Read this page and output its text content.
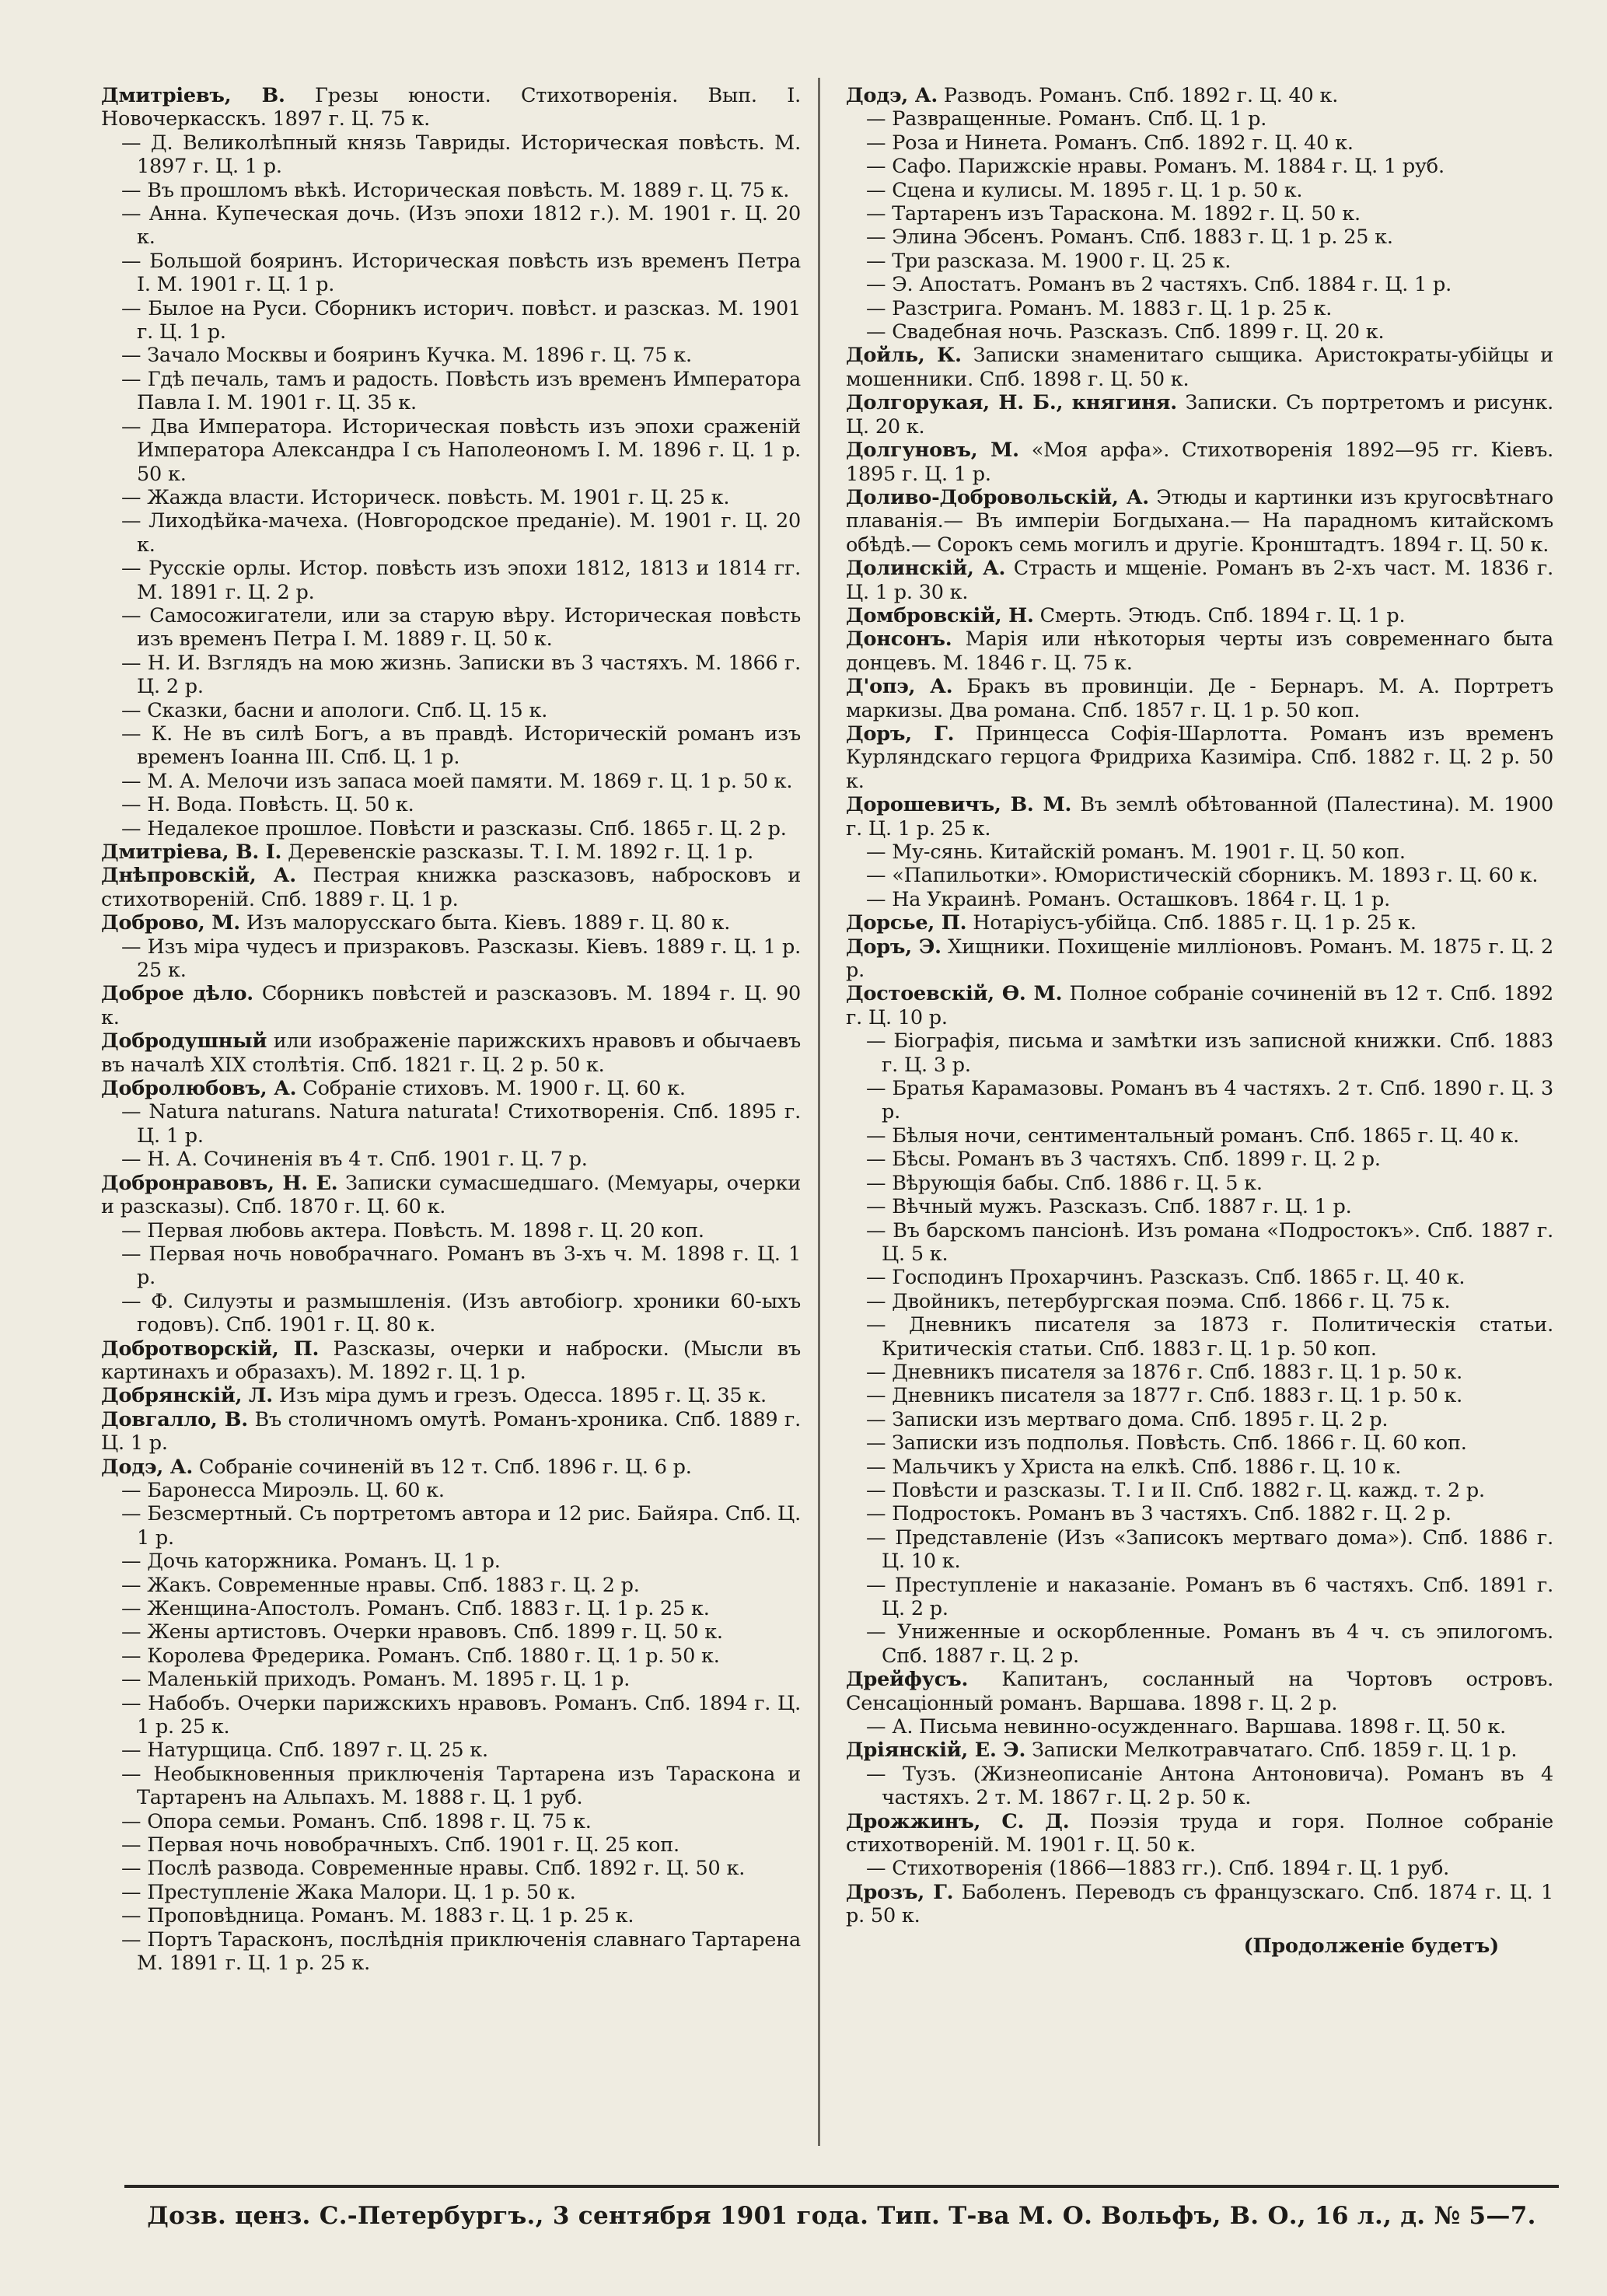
Дмитріевъ, В. Грезы юности. Стихотворенія. Вып. I. Новочеркасскъ. 1897 г. Ц. 75 к.

— Д. Великолѣпный князь Тавриды. Историческая повѣсть. М. 1897 г. Ц. 1 р.

— Въ прошломъ вѣкѣ. Историческая повѣсть. М. 1889 г. Ц. 75 к.

— Анна. Купеческая дочь. (Изъ эпохи 1812 г.). М. 1901 г. Ц. 20 к.

— Большой бояринъ. Историческая повѣсть изъ временъ Петра I. М. 1901 г. Ц. 1 р.

— Былое на Руси. Сборникъ историч. повѣст. и разсказ. М. 1901 г. Ц. 1 р.

— Зачало Москвы и бояринъ Кучка. М. 1896 г. Ц. 75 к.

— Гдѣ печаль, тамъ и радость. Повѣсть изъ временъ Императора Павла I. М. 1901 г. Ц. 35 к.

— Два Императора. Историческая повѣсть изъ эпохи сраженій Императора Александра I съ Наполеономъ I. М. 1896 г. Ц. 1 р. 50 к.

— Жажда власти. Историческ. повѣсть. М. 1901 г. Ц. 25 к.

— Лиходѣйка-мачеха. (Новгородское преданіе). М. 1901 г. Ц. 20 к.

— Русскіе орлы. Истор. повѣсть изъ эпохи 1812, 1813 и 1814 гг. М. 1891 г. Ц. 2 р.

— Самосожигатели, или за старую вѣру. Историческая повѣсть изъ временъ Петра I. М. 1889 г. Ц. 50 к.

— Н. И. Взглядъ на мою жизнь. Записки въ 3 частяхъ. М. 1866 г. Ц. 2 р.

— Сказки, басни и апологи. Спб. Ц. 15 к.

— К. Не въ силѣ Богъ, а въ правдѣ. Историческій романъ изъ временъ Іоанна III. Спб. Ц. 1 р.

— М. А. Мелочи изъ запаса моей памяти. М. 1869 г. Ц. 1 р. 50 к.

— Н. Вода. Повѣсть. Ц. 50 к.

— Недалекое прошлое. Повѣсти и разсказы. Спб. 1865 г. Ц. 2 р.

Дмитріева, В. I. Деревенскіе разсказы. Т. I. М. 1892 г. Ц. 1 р.

Днѣпровскій, А. Пестрая книжка разсказовъ, набросковъ и стихотвореній. Спб. 1889 г. Ц. 1 р.

Доброво, М. Изъ малорусскаго быта. Кіевъ. 1889 г. Ц. 80 к.

— Изъ міра чудесъ и призраковъ. Разсказы. Кіевъ. 1889 г. Ц. 1 р. 25 к.

Доброе дѣло. Сборникъ повѣстей и разсказовъ. М. 1894 г. Ц. 90 к.

Добродушный или изображеніе парижскихъ нравовъ и обычаевъ въ началѣ XIX столѣтія. Спб. 1821 г. Ц. 2 р. 50 к.

Добролюбовъ, А. Собраніе стиховъ. М. 1900 г. Ц. 60 к.

— Natura naturans. Natura naturata! Стихотворенія. Спб. 1895 г. Ц. 1 р.

— Н. А. Сочиненія въ 4 т. Спб. 1901 г. Ц. 7 р.

Добронравовъ, Н. Е. Записки сумасшедшаго. (Мемуары, очерки и разсказы). Спб. 1870 г. Ц. 60 к.

— Первая любовь актера. Повѣсть. М. 1898 г. Ц. 20 коп.

— Первая ночь новобрачнаго. Романъ въ 3-хъ ч. М. 1898 г. Ц. 1 р.

— Ф. Силуэты и размышленія. (Изъ автобіогр. хроники 60-ыхъ годовъ). Спб. 1901 г. Ц. 80 к.

Добротворскій, П. Разсказы, очерки и наброски. (Мысли въ картинахъ и образахъ). М. 1892 г. Ц. 1 р.

Добрянскій, Л. Изъ міра думъ и грезъ. Одесса. 1895 г. Ц. 35 к.

Довгалло, В. Въ столичномъ омутѣ. Романъ-хроника. Спб. 1889 г. Ц. 1 р.

Додэ, А. Собраніе сочиненій въ 12 т. Спб. 1896 г. Ц. 6 р.

— Баронесса Мироэль. Ц. 60 к.

— Безсмертный. Съ портретомъ автора и 12 рис. Байяра. Спб. Ц. 1 р.

— Дочь каторжника. Романъ. Ц. 1 р.

— Жакъ. Современные нравы. Спб. 1883 г. Ц. 2 р.

— Женщина-Апостолъ. Романъ. Спб. 1883 г. Ц. 1 р. 25 к.

— Жены артистовъ. Очерки нравовъ. Спб. 1899 г. Ц. 50 к.

— Королева Фредерика. Романъ. Спб. 1880 г. Ц. 1 р. 50 к.

— Маленькій приходъ. Романъ. М. 1895 г. Ц. 1 р.

— Набобъ. Очерки парижскихъ нравовъ. Романъ. Спб. 1894 г. Ц. 1 р. 25 к.

— Натурщица. Спб. 1897 г. Ц. 25 к.

— Необыкновенныя приключенія Тартарена изъ Тараскона и Тартаренъ на Альпахъ. М. 1888 г. Ц. 1 руб.

— Опора семьи. Романъ. Спб. 1898 г. Ц. 75 к.

— Первая ночь новобрачныхъ. Спб. 1901 г. Ц. 25 коп.

— Послѣ развода. Современные нравы. Спб. 1892 г. Ц. 50 к.

— Преступленіе Жака Малори. Ц. 1 р. 50 к.

— Проповѣдница. Романъ. М. 1883 г. Ц. 1 р. 25 к.

— Портъ Тарасконъ, послѣднія приключенія славнаго Тартарена М. 1891 г. Ц. 1 р. 25 к.

Додэ, А. Разводъ. Романъ. Спб. 1892 г. Ц. 40 к.

— Развращенные. Романъ. Спб. Ц. 1 р.

— Роза и Нинета. Романъ. Спб. 1892 г. Ц. 40 к.

— Сафо. Парижскіе нравы. Романъ. М. 1884 г. Ц. 1 руб.

— Сцена и кулисы. М. 1895 г. Ц. 1 р. 50 к.

— Тартаренъ изъ Тараскона. М. 1892 г. Ц. 50 к.

— Элина Эбсенъ. Романъ. Спб. 1883 г. Ц. 1 р. 25 к.

— Три разсказа. М. 1900 г. Ц. 25 к.

— Э. Апостатъ. Романъ въ 2 частяхъ. Спб. 1884 г. Ц. 1 р.

— Разстрига. Романъ. М. 1883 г. Ц. 1 р. 25 к.

— Свадебная ночь. Разсказъ. Спб. 1899 г. Ц. 20 к.

Дойль, К. Записки знаменитаго сыщика. Аристократы-убійцы и мошенники. Спб. 1898 г. Ц. 50 к.

Долгорукая, Н. Б., княгиня. Записки. Съ портретомъ и рисунк. Ц. 20 к.

Долгуновъ, М. «Моя арфа». Стихотворенія 1892—95 гг. Кіевъ. 1895 г. Ц. 1 р.

Доливо-Добровольскій, А. Этюды и картинки изъ кругосвѣтнаго плаванія.— Въ имперіи Богдыхана.— На парадномъ китайскомъ обѣдѣ.— Сорокъ семь могилъ и другіе. Кронштадтъ. 1894 г. Ц. 50 к.

Долинскій, А. Страсть и мщеніе. Романъ въ 2-хъ част. М. 1836 г. Ц. 1 р. 30 к.

Домбровскій, Н. Смерть. Этюдъ. Спб. 1894 г. Ц. 1 р.

Донсонъ. Марія или нѣкоторыя черты изъ современнаго быта донцевъ. М. 1846 г. Ц. 75 к.

Д'опэ, А. Бракъ въ провинціи. Де - Бернаръ. М. А. Портретъ маркизы. Два романа. Спб. 1857 г. Ц. 1 р. 50 коп.

Доръ, Г. Принцесса Софія-Шарлотта. Романъ изъ временъ Курляндскаго герцога Фридриха Казиміра. Спб. 1882 г. Ц. 2 р. 50 к.

Дорошевичъ, В. М. Въ землѣ обѣтованной (Палестина). М. 1900 г. Ц. 1 р. 25 к.

— Му-сянь. Китайскій романъ. М. 1901 г. Ц. 50 коп.

— «Папильотки». Юмористическій сборникъ. М. 1893 г. Ц. 60 к.

— На Украинѣ. Романъ. Осташковъ. 1864 г. Ц. 1 р.

Дорсье, П. Нотаріусъ-убійца. Спб. 1885 г. Ц. 1 р. 25 к.

Доръ, Э. Хищники. Похищеніе милліоновъ. Романъ. М. 1875 г. Ц. 2 р.

Достоевскій, Ѳ. М. Полное собраніе сочиненій въ 12 т. Спб. 1892 г. Ц. 10 р.

— Біографія, письма и замѣтки изъ записной книжки. Спб. 1883 г. Ц. 3 р.

— Братья Карамазовы. Романъ въ 4 частяхъ. 2 т. Спб. 1890 г. Ц. 3 р.

— Бѣлыя ночи, сентиментальный романъ. Спб. 1865 г. Ц. 40 к.

— Бѣсы. Романъ въ 3 частяхъ. Спб. 1899 г. Ц. 2 р.

— Вѣрующія бабы. Спб. 1886 г. Ц. 5 к.

— Вѣчный мужъ. Разсказъ. Спб. 1887 г. Ц. 1 р.

— Въ барскомъ пансіонѣ. Изъ романа «Подростокъ». Спб. 1887 г. Ц. 5 к.

— Господинъ Прохарчинъ. Разсказъ. Спб. 1865 г. Ц. 40 к.

— Двойникъ, петербургская поэма. Спб. 1866 г. Ц. 75 к.

— Дневникъ писателя за 1873 г. Политическія статьи. Критическія статьи. Спб. 1883 г. Ц. 1 р. 50 коп.

— Дневникъ писателя за 1876 г. Спб. 1883 г. Ц. 1 р. 50 к.

— Дневникъ писателя за 1877 г. Спб. 1883 г. Ц. 1 р. 50 к.

— Записки изъ мертваго дома. Спб. 1895 г. Ц. 2 р.

— Записки изъ подполья. Повѣсть. Спб. 1866 г. Ц. 60 коп.

— Мальчикъ у Христа на елкѣ. Спб. 1886 г. Ц. 10 к.

— Повѣсти и разсказы. Т. I и II. Спб. 1882 г. Ц. кажд. т. 2 р.

— Подростокъ. Романъ въ 3 частяхъ. Спб. 1882 г. Ц. 2 р.

— Представленіе (Изъ «Записокъ мертваго дома»). Спб. 1886 г. Ц. 10 к.

— Преступленіе и наказаніе. Романъ въ 6 частяхъ. Спб. 1891 г. Ц. 2 р.

— Униженные и оскорбленные. Романъ въ 4 ч. съ эпилогомъ. Спб. 1887 г. Ц. 2 р.

Дрейфусъ. Капитанъ, сосланный на Чортовъ островъ. Сенсаціонный романъ. Варшава. 1898 г. Ц. 2 р.

— А. Письма невинно-осужденнаго. Варшава. 1898 г. Ц. 50 к.

Дріянскій, Е. Э. Записки Мелкотравчатаго. Спб. 1859 г. Ц. 1 р.

— Тузъ. (Жизнеописаніе Антона Антоновича). Романъ въ 4 частяхъ. 2 т. М. 1867 г. Ц. 2 р. 50 к.

Дрожжинъ, С. Д. Поэзія труда и горя. Полное собраніе стихотвореній. М. 1901 г. Ц. 50 к.

— Стихотворенія (1866—1883 гг.). Спб. 1894 г. Ц. 1 руб.

Дрозъ, Г. Баболенъ. Переводъ съ французскаго. Спб. 1874 г. Ц. 1 р. 50 к.

(Продолженіе будетъ)

Дозв. ценз. С.-Петербургъ., 3 сентября 1901 года. Тип. Т-ва М. О. Вольфъ, В. О., 16 л., д. № 5—7.
